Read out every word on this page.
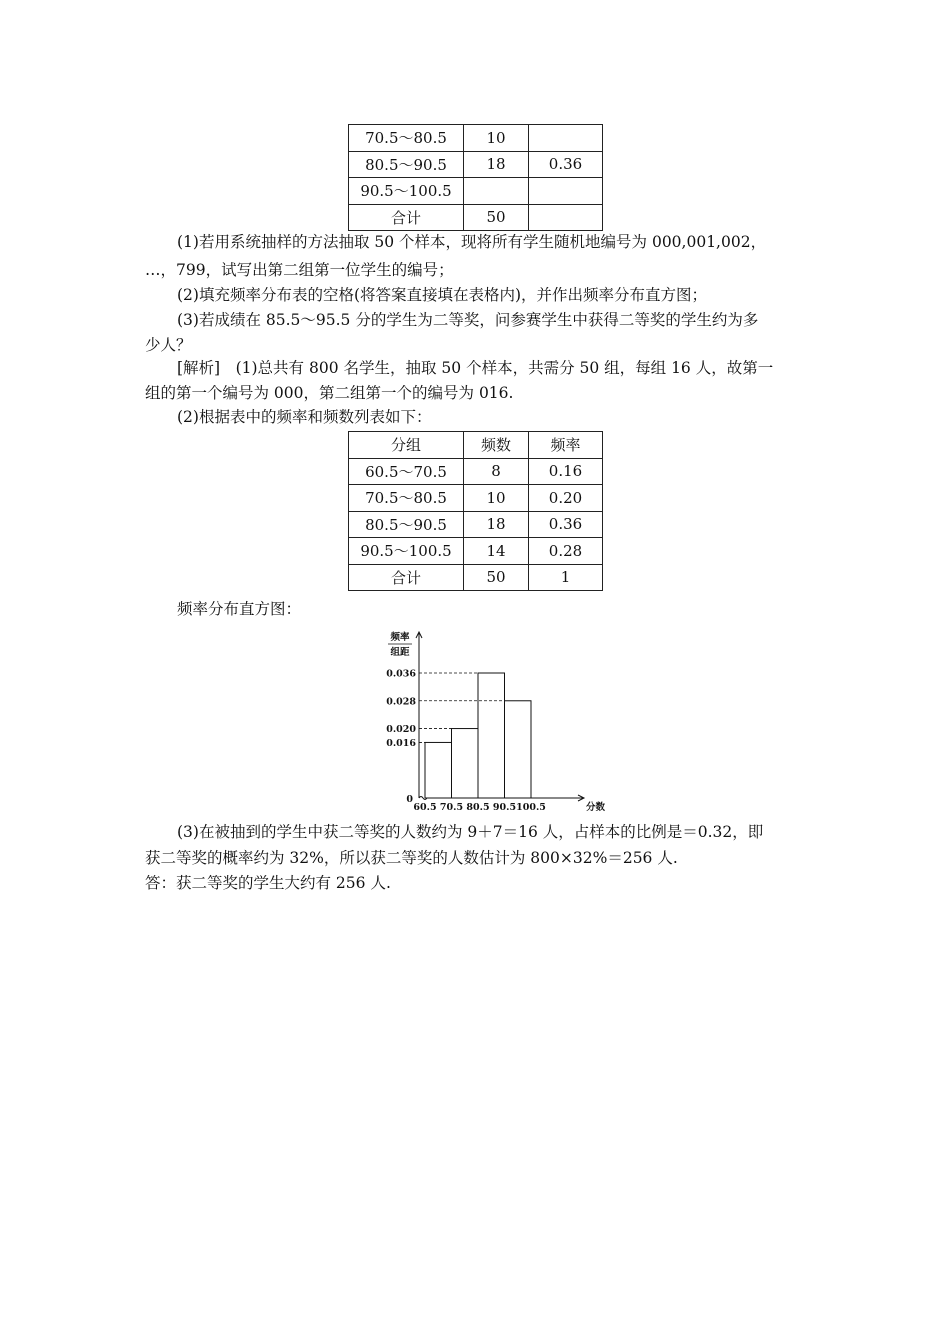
70.5～80.5	10	
80.5～90.5	18	0.36
90.5～100.5		
合计	50	
(1)若用系统抽样的方法抽取 50 个样本，现将所有学生随机地编号为 000,001,002，
…，799，试写出第二组第一位学生的编号；
(2)填充频率分布表的空格(将答案直接填在表格内)，并作出频率分布直方图；
(3)若成绩在 85.5～95.5 分的学生为二等奖，问参赛学生中获得二等奖的学生约为多
少人？
[解析]　(1)总共有 800 名学生，抽取 50 个样本，共需分 50 组，每组 16 人，故第一
组的第一个编号为 000，第二组第一个的编号为 016.
(2)根据表中的频率和频数列表如下：
分组	频数	频率
60.5～70.5	8	0.16
70.5～80.5	10	0.20
80.5～90.5	18	0.36
90.5～100.5	14	0.28
合计	50	1
频率分布直方图：
频率
组距
0.036
0.028
0.020
0.016
60.5 70.5 80.5 90.5 100.5
0
分数
(3)在被抽到的学生中获二等奖的人数约为 9＋7＝16 人，占样本的比例是＝0.32，即
获二等奖的概率约为 32%，所以获二等奖的人数估计为 800×32%＝256 人.
答：获二等奖的学生大约有 256 人.
